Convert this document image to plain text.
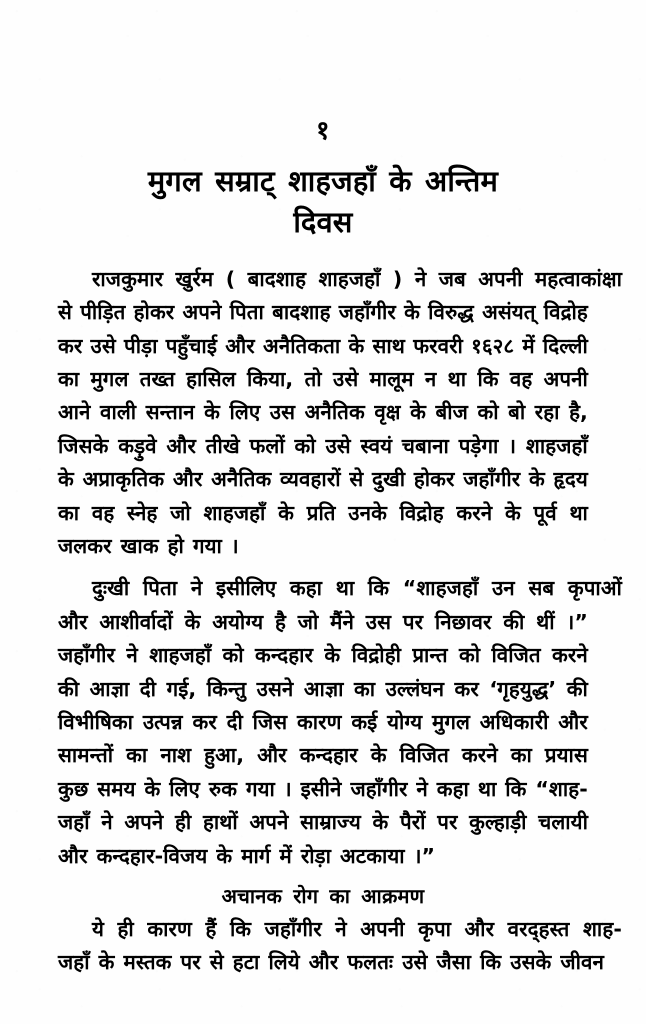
१
मुगल सम्राट् शाहजहाँ के अन्तिम
दिवस
राजकुमार खुर्रम ( बादशाह शाहजहाँ ) ने जब अपनी महत्वाकांक्षा
से पीड़ित होकर अपने पिता बादशाह जहाँगीर के विरुद्ध असंयत् विद्रोह
कर उसे पीड़ा पहुँचाई और अनैतिकता के साथ फरवरी १६२८ में दिल्ली
का मुगल तख्त हासिल किया, तो उसे मालूम न था कि वह अपनी
आने वाली सन्तान के लिए उस अनैतिक वृक्ष के बीज को बो रहा है,
जिसके कड़ुवे और तीखे फलों को उसे स्वयं चबाना पड़ेगा । शाहजहाँ
के अप्राकृतिक और अनैतिक व्यवहारों से दुखी होकर जहाँगीर के हृदय
का वह स्नेह जो शाहजहाँ के प्रति उनके विद्रोह करने के पूर्व था
जलकर खाक हो गया ।
दुःखी पिता ने इसीलिए कहा था कि “शाहजहाँ उन सब कृपाओं
और आशीर्वादों के अयोग्य है जो मैंने उस पर निछावर की थीं ।”
जहाँगीर ने शाहजहाँ को कन्दहार के विद्रोही प्रान्त को विजित करने
की आज्ञा दी गई, किन्तु उसने आज्ञा का उल्लंघन कर ‘गृहयुद्ध’ की
विभीषिका उत्पन्न कर दी जिस कारण कई योग्य मुगल अधिकारी और
सामन्तों का नाश हुआ, और कन्दहार के विजित करने का प्रयास
कुछ समय के लिए रुक गया । इसीने जहाँगीर ने कहा था कि “शाह-
जहाँ ने अपने ही हाथों अपने साम्राज्य के पैरों पर कुल्हाड़ी चलायी
और कन्दहार-विजय के मार्ग में रोड़ा अटकाया ।”
अचानक रोग का आक्रमण
ये ही कारण हैं कि जहाँगीर ने अपनी कृपा और वरद्हस्त शाह-
जहाँ के मस्तक पर से हटा लिये और फलतः उसे जैसा कि उसके जीवन
